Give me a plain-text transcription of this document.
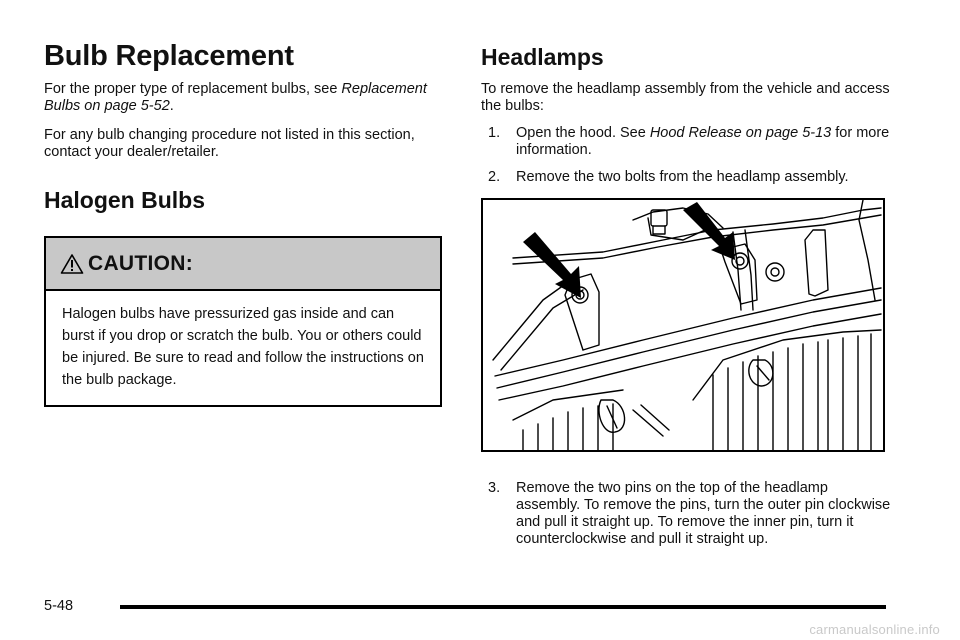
Bulb Replacement

For the proper type of replacement bulbs, see Replacement Bulbs on page 5-52.

For any bulb changing procedure not listed in this section, contact your dealer/retailer.

Halogen Bulbs
CAUTION:
Halogen bulbs have pressurized gas inside and can burst if you drop or scratch the bulb. You or others could be injured. Be sure to read and follow the instructions on the bulb package.
Headlamps

To remove the headlamp assembly from the vehicle and access the bulbs:

1.	Open the hood. See Hood Release on page 5-13 for more information.
2.	Remove the two bolts from the headlamp assembly.
3.	Remove the two pins on the top of the headlamp assembly. To remove the pins, turn the outer pin clockwise and pull it straight up. To remove the inner pin, turn it counterclockwise and pull it straight up.
5-48
carmanualsonline.info
